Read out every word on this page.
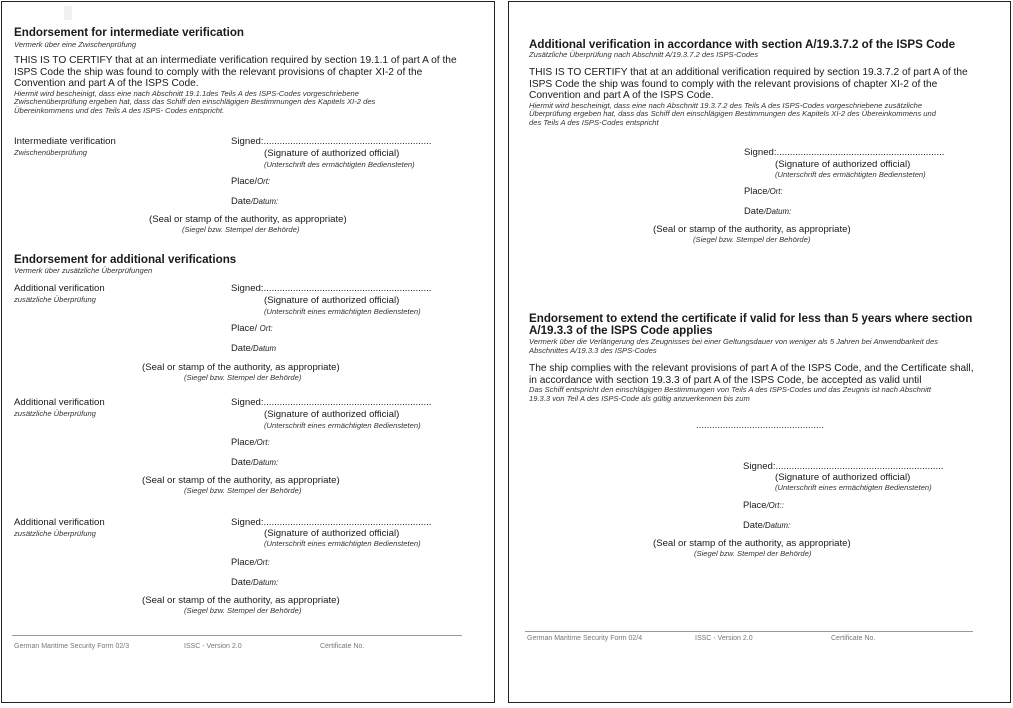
Endorsement for intermediate verification
Vermerk über eine Zwischenprüfung
THIS IS TO CERTIFY that at an intermediate verification required by section 19.1.1 of part A of the
ISPS Code the ship was found to comply with the relevant provisions of chapter XI-2 of the
Convention and part A of the ISPS Code.
Hiermit wird bescheinigt, dass eine nach Abschnitt 19.1.1des Teils A des ISPS-Codes vorgeschriebene
Zwischenüberprüfung ergeben hat, dass das Schiff den einschlägigen Bestimmungen des Kapitels XI-2 des
Übereinkommens und des Teils A des ISPS- Codes entspricht.
Intermediate verification
Zwischenüberprüfung
Signed:...............................................................
(Signature of authorized official)
(Unterschrift des ermächtigten Bediensteten)
Place/Ort:
Date/Datum:
(Seal or stamp of the authority, as appropriate)
(Siegel bzw. Stempel der Behörde)
Endorsement for additional verifications
Vermerk über zusätzliche Überprüfungen
Additional verification
zusätzliche Überprüfung
Signed:...............................................................
(Signature of authorized official)
(Unterschrift eines ermächtigten Bediensteten)
Place/ Ort:
Date/Datum
(Seal or stamp of the authority, as appropriate)
(Siegel bzw. Stempel der Behörde)
Additional verification
zusätzliche Überprüfung
Signed:...............................................................
(Signature of authorized official)
(Unterschrift eines ermächtigten Bediensteten)
Place/Ort:
Date/Datum:
(Seal or stamp of the authority, as appropriate)
(Siegel bzw. Stempel der Behörde)
Additional verification
zusätzliche Überprüfung
Signed:...............................................................
(Signature of authorized official)
(Unterschrift eines ermächtigten Bediensteten)
Place/Ort:
Date/Datum:
(Seal or stamp of the authority, as appropriate)
(Siegel bzw. Stempel der Behörde)
German Maritime Security Form 02/3	ISSC - Version 2.0	Certificate No.
Additional verification in accordance with section A/19.3.7.2 of the ISPS Code
Zusätzliche Überprüfung nach Abschnitt A/19.3.7.2 des ISPS-Codes
THIS IS TO CERTIFY that at an additional verification required by section 19.3.7.2 of part A of the
ISPS Code the ship was found to comply with the relevant provisions of chapter XI-2 of the
Convention and part A of the ISPS Code.
Hiermit wird bescheinigt, dass eine nach Abschnitt 19.3.7.2 des Teils A des ISPS-Codes vorgeschriebene zusätzliche
Überprüfung ergeben hat, dass das Schiff den einschlägigen Bestimmungen des Kapitels XI-2 des Übereinkommens und
des Teils A des ISPS-Codes entspricht
Signed:...............................................................
(Signature of authorized official)
(Unterschrift des ermächtigten Bediensteten)
Place/Ort:
Date/Datum:
(Seal or stamp of the authority, as appropriate)
(Siegel bzw. Stempel der Behörde)
Endorsement to extend the certificate if valid for less than 5 years where section
A/19.3.3 of the ISPS Code applies
Vermerk über die Verlängerung des Zeugnisses bei einer Geltungsdauer von weniger als 5 Jahren bei Anwendbarkeit des
Abschnittes A/19.3.3 des ISPS-Codes
The ship complies with the relevant provisions of part A of the ISPS Code, and the Certificate shall,
in accordance with section 19.3.3 of part A of the ISPS Code, be accepted as valid until
Das Schiff entspricht den einschlägigen Bestimmungen von Teils A des ISPS-Codes und das Zeugnis ist nach Abschnitt
19.3.3 von Teil A des ISPS-Code als gültig anzuerkennen bis zum
................................................
Signed:...............................................................
(Signature of authorized official)
(Unterschrift eines ermächtigten Bediensteten)
Place/Ort::
Date/Datum:
(Seal or stamp of the authority, as appropriate)
(Siegel bzw. Stempel der Behörde)
German Maritime Security Form 02/4	ISSC - Version 2.0	Certificate No.
